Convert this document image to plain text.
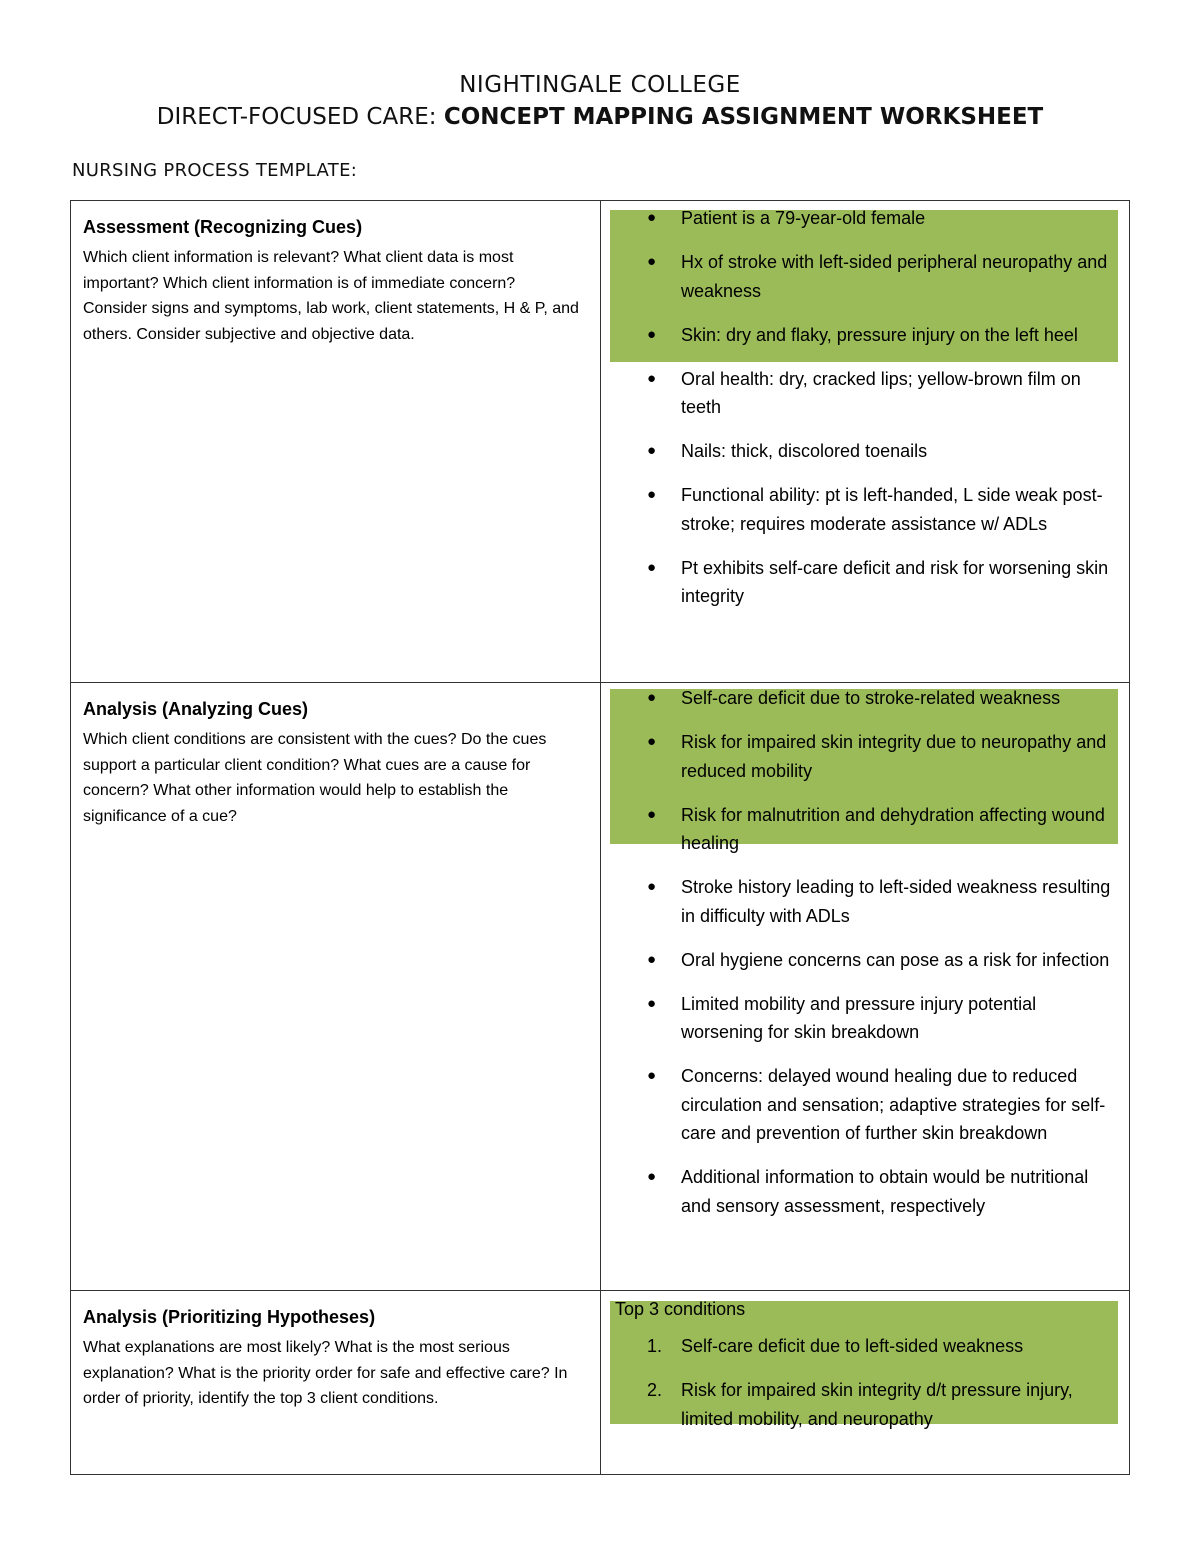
NIGHTINGALE COLLEGE
DIRECT-FOCUSED CARE: CONCEPT MAPPING ASSIGNMENT WORKSHEET
NURSING PROCESS TEMPLATE:
Assessment (Recognizing Cues)

Which client information is relevant? What client data is most important? Which client information is of immediate concern? Consider signs and symptoms, lab work, client statements, H & P, and others. Consider subjective and objective data.

● Patient is a 79-year-old female
● Hx of stroke with left-sided peripheral neuropathy and weakness
● Skin: dry and flaky, pressure injury on the left heel
● Oral health: dry, cracked lips; yellow-brown film on teeth
● Nails: thick, discolored toenails
● Functional ability: pt is left-handed, L side weak post-stroke; requires moderate assistance w/ ADLs
● Pt exhibits self-care deficit and risk for worsening skin integrity
Analysis (Analyzing Cues)

Which client conditions are consistent with the cues? Do the cues support a particular client condition? What cues are a cause for concern? What other information would help to establish the significance of a cue?

● Self-care deficit due to stroke-related weakness
● Risk for impaired skin integrity due to neuropathy and reduced mobility
● Risk for malnutrition and dehydration affecting wound healing
● Stroke history leading to left-sided weakness resulting in difficulty with ADLs
● Oral hygiene concerns can pose as a risk for infection
● Limited mobility and pressure injury potential worsening for skin breakdown
● Concerns: delayed wound healing due to reduced circulation and sensation; adaptive strategies for self-care and prevention of further skin breakdown
● Additional information to obtain would be nutritional and sensory assessment, respectively
Analysis (Prioritizing Hypotheses)

What explanations are most likely? What is the most serious explanation? What is the priority order for safe and effective care? In order of priority, identify the top 3 client conditions.

Top 3 conditions
1. Self-care deficit due to left-sided weakness
2. Risk for impaired skin integrity d/t pressure injury, limited mobility, and neuropathy
